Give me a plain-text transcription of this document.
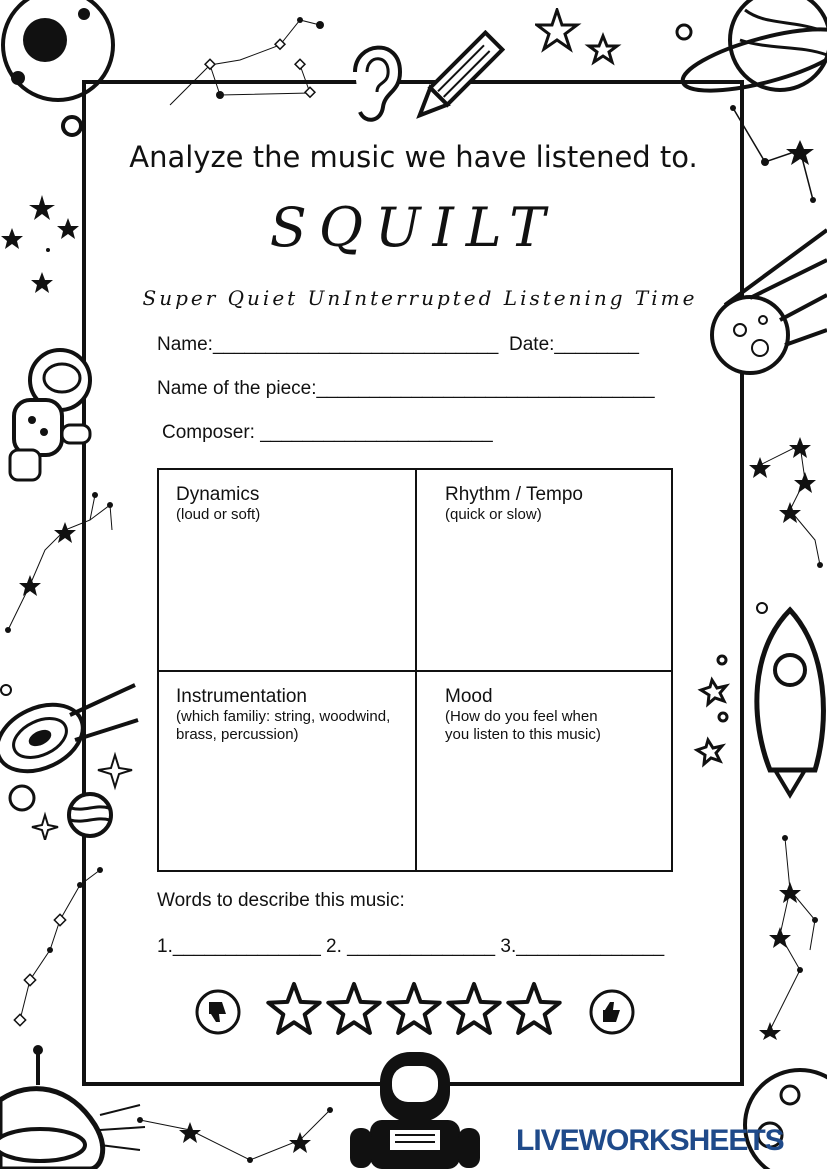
Analyze the music we have listened to.
SQUILT
Super Quiet UnInterrupted Listening Time
Name:___________________________ Date:________
Name of the piece:________________________________
Composer: ______________________
Dynamics
(loud or soft)
Rhythm / Tempo
(quick or slow)
Instrumentation
(which familiy: string, woodwind,
brass, percussion)
Mood
(How do you feel when
you listen to this music)
Words to describe this music:
1.______________ 2. ______________ 3.______________
LIVEWORKSHEETS
